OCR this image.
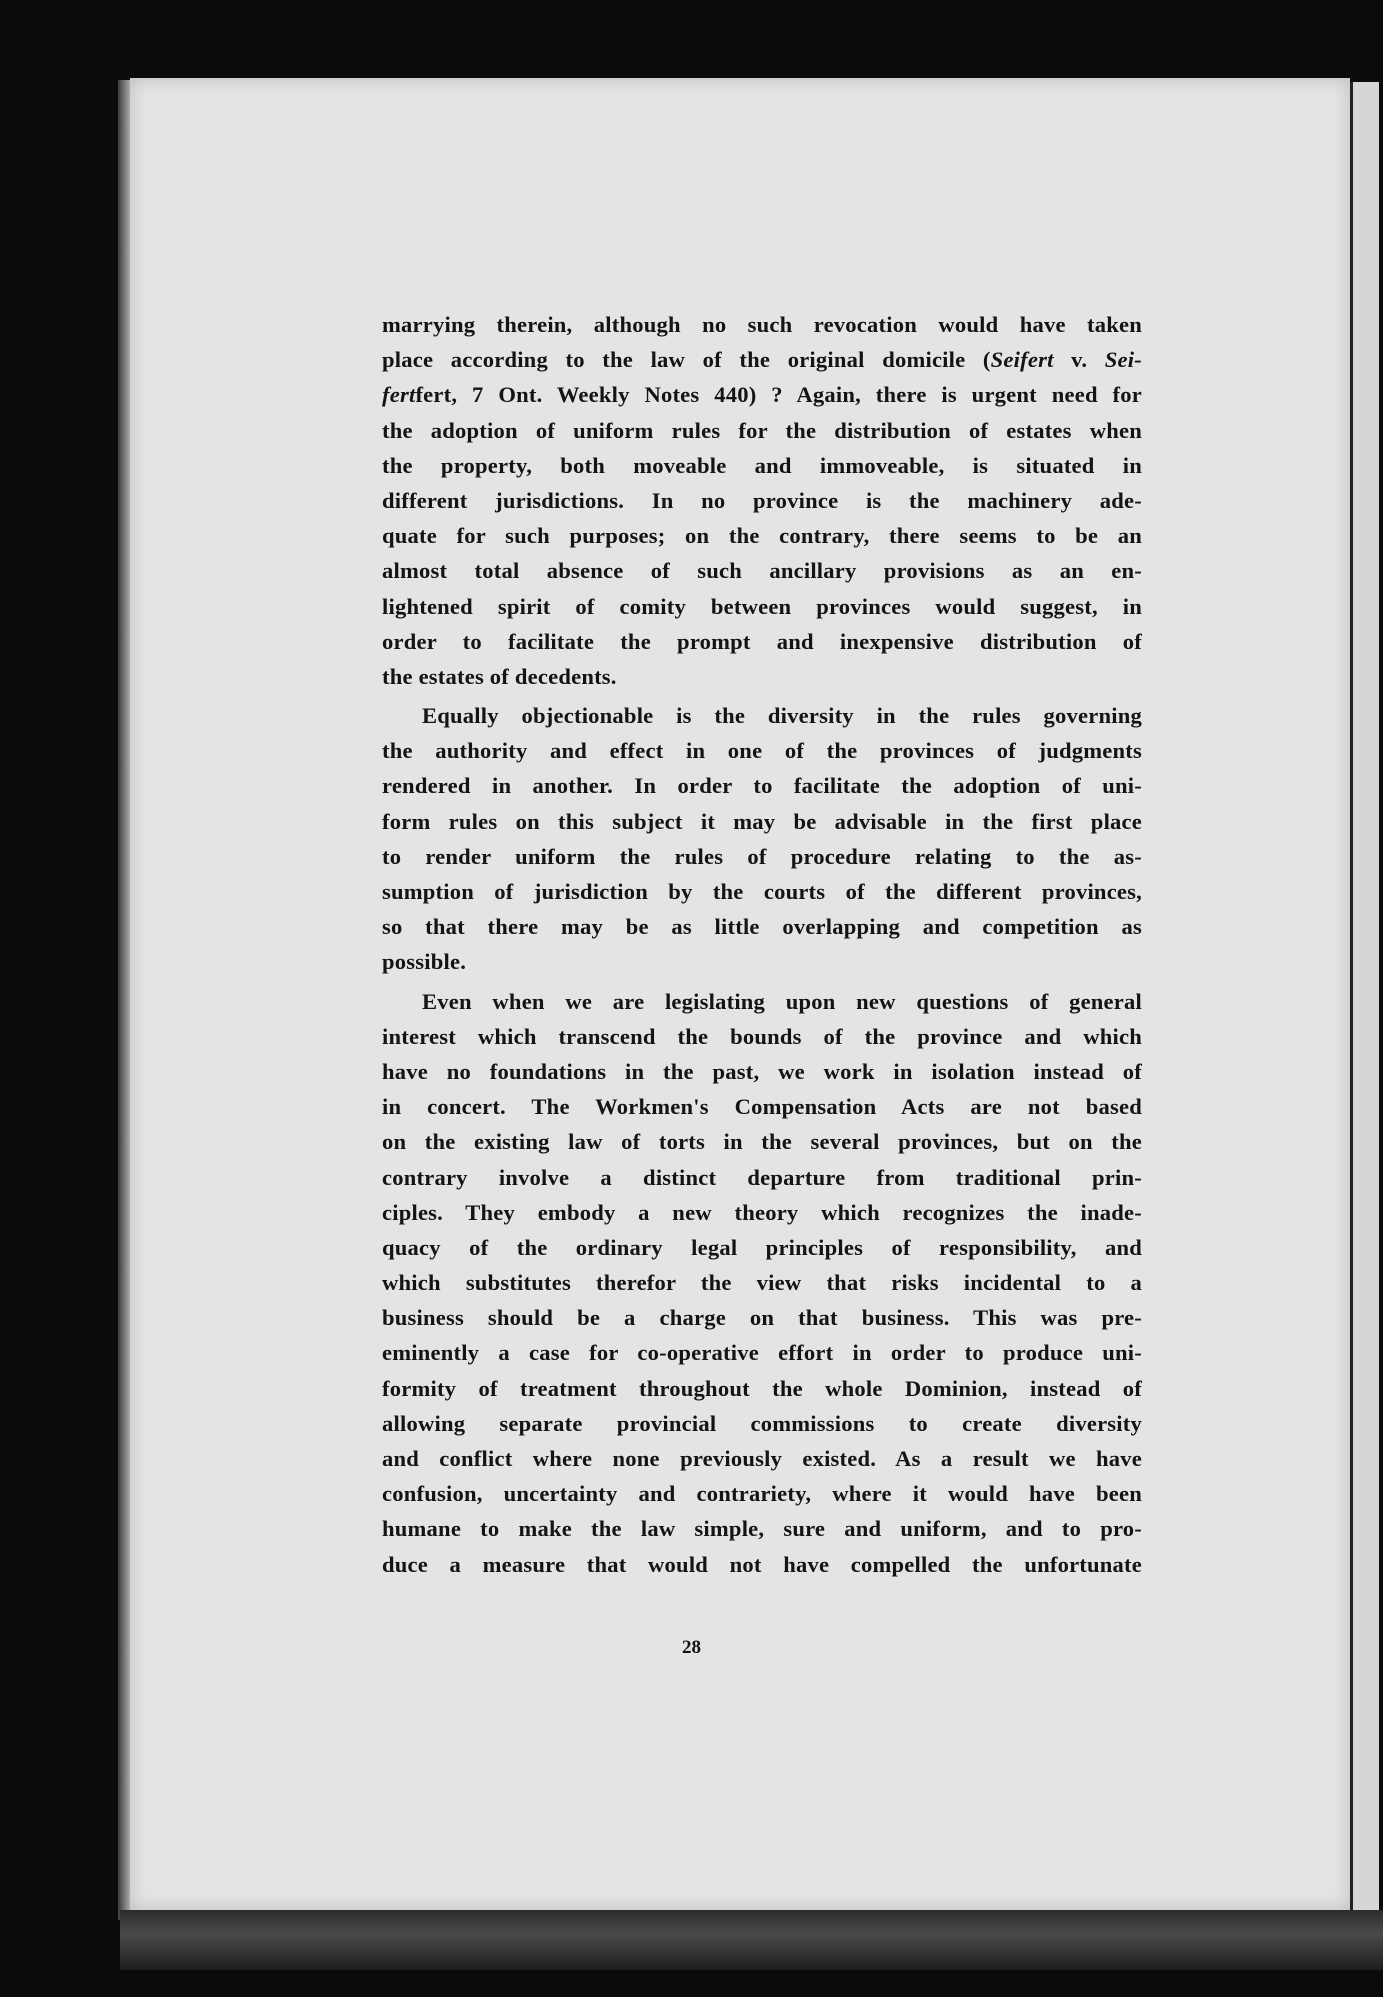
marrying therein, although no such revocation would have taken
place according to the law of the original domicile (Seifert v. Sei-
fertfert, 7 Ont. Weekly Notes 440) ? Again, there is urgent need for
the adoption of uniform rules for the distribution of estates when
the property, both moveable and immoveable, is situated in
different jurisdictions. In no province is the machinery ade-
quate for such purposes; on the contrary, there seems to be an
almost total absence of such ancillary provisions as an en-
lightened spirit of comity between provinces would suggest, in
order to facilitate the prompt and inexpensive distribution of
the estates of decedents.
Equally objectionable is the diversity in the rules governing
the authority and effect in one of the provinces of judgments
rendered in another. In order to facilitate the adoption of uni-
form rules on this subject it may be advisable in the first place
to render uniform the rules of procedure relating to the as-
sumption of jurisdiction by the courts of the different provinces,
so that there may be as little overlapping and competition as
possible.
Even when we are legislating upon new questions of general
interest which transcend the bounds of the province and which
have no foundations in the past, we work in isolation instead of
in concert. The Workmen's Compensation Acts are not based
on the existing law of torts in the several provinces, but on the
contrary involve a distinct departure from traditional prin-
ciples. They embody a new theory which recognizes the inade-
quacy of the ordinary legal principles of responsibility, and
which substitutes therefor the view that risks incidental to a
business should be a charge on that business. This was pre-
eminently a case for co-operative effort in order to produce uni-
formity of treatment throughout the whole Dominion, instead of
allowing separate provincial commissions to create diversity
and conflict where none previously existed. As a result we have
confusion, uncertainty and contrariety, where it would have been
humane to make the law simple, sure and uniform, and to pro-
duce a measure that would not have compelled the unfortunate
28
